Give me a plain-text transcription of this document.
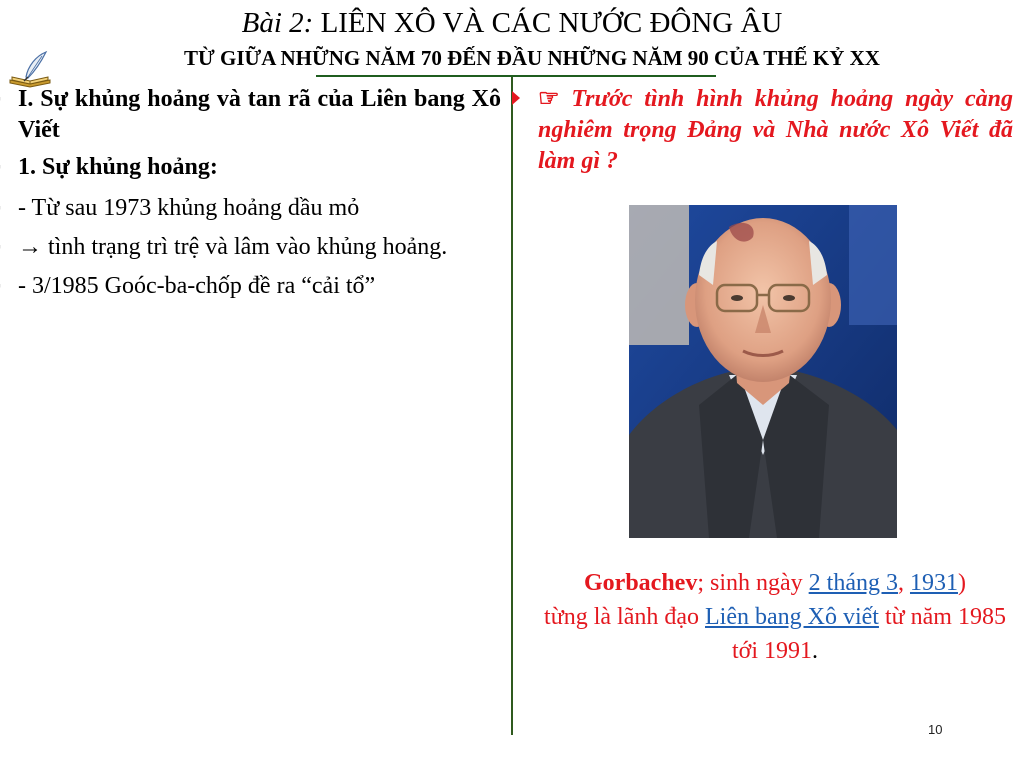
Bài 2: LIÊN XÔ VÀ CÁC NƯỚC ĐÔNG ÂU
TỪ GIỮA NHỮNG NĂM 70 ĐẾN ĐẦU NHỮNG NĂM 90 CỦA THẾ KỶ XX

I. Sự khủng hoảng và tan rã của Liên bang Xô Viết

1. Sự khủng hoảng:

- Từ sau 1973 khủng hoảng dầu mỏ

→ tình trạng trì trệ và lâm vào khủng hoảng.

- 3/1985 Goóc-ba-chốp đề ra “cải tổ”

☞ Trước tình hình khủng hoảng ngày càng nghiêm trọng Đảng và Nhà nước Xô Viết đã làm gì ?
Gorbachev; sinh ngày 2 tháng 3, 1931)
từng là lãnh đạo Liên bang Xô viết từ năm 1985 tới 1991.
10
